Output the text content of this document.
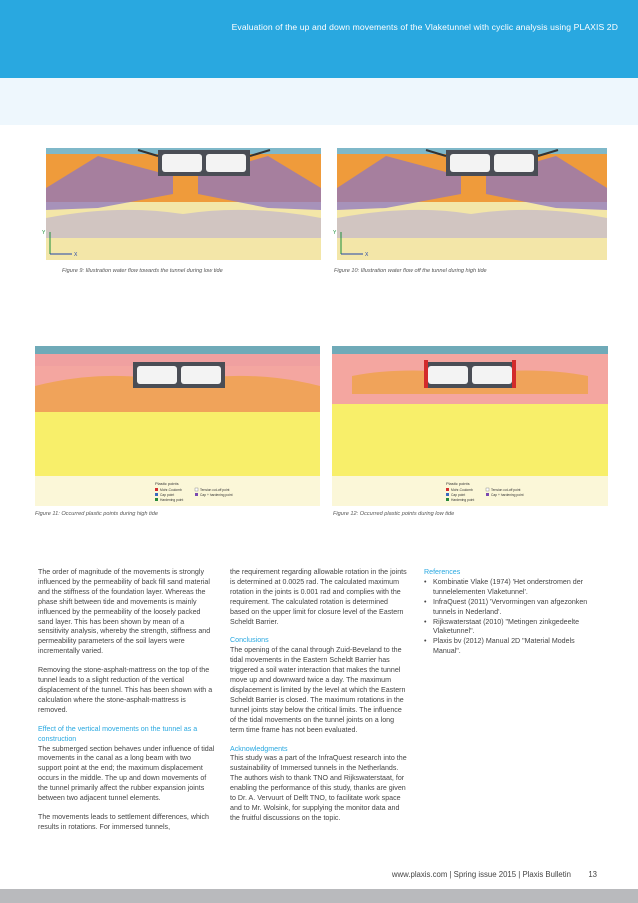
Evaluation of the up and down movements of the Vlaketunnel with cyclic analysis using PLAXIS 2D
Y
X
Figure 9: Illustration water flow towards the tunnel during low tide
Y
X
Figure 10: Illustration water flow off the tunnel during high tide
Plastic points
Mohr-Coulomb
Cap point
Hardening point
Tension cut-off point
Cap + hardening point
Figure 11: Occurred plastic points during high tide
Plastic points
Mohr-Coulomb
Cap point
Hardening point
Tension cut-off point
Cap + hardening point
Figure 12: Occurred plastic points during low tide

The order of magnitude of the movements is strongly influenced by the permeability of back fill sand material and the stiffness of the foundation layer. Whereas the phase shift between tide and movements is mainly influenced by the permeability of the loosely packed sand layer. This has been shown by mean of a sensitivity analysis, whereby the strength, stiffness and permeability parameters of the soil layers were incrementally varied.

Removing the stone-asphalt-mattress on the top of the tunnel leads to a slight reduction of the vertical displacement of the tunnel. This has been shown with a calculation where the stone-asphalt-mattress is removed.

Effect of the vertical movements on the tunnel as a construction

The submerged section behaves under influence of tidal movements in the canal as a long beam with two support point at the end; the maximum displacement occurs in the middle. The up and down movements of the tunnel primarily affect the rubber expansion joints between two adjacent tunnel elements.

The movements leads to settlement differences, which results in rotations. For immersed tunnels,

the requirement regarding allowable rotation in the joints is determined at 0.0025 rad. The calculated maximum rotation in the joints is 0.001 rad and complies with the requirement. The calculated rotation is determined based on the upper limit for closure level of the Eastern Scheldt Barrier.

Conclusions

The opening of the canal through Zuid-Beveland to the tidal movements in the Eastern Scheldt Barrier has triggered a soil water interaction that makes the tunnel move up and downward twice a day. The maximum displacement is limited by the level at which the Eastern Scheldt Barrier is closed. The maximum rotations in the tunnel joints stay below the critical limits. The influence of the tidal movements on the tunnel joints on a long term time frame has not been evaluated.

Acknowledgments

This study was a part of the InfraQuest research into the sustainability of Immersed tunnels in the Netherlands. The authors wish to thank TNO and Rijkswaterstaat, for enabling the performance of this study, thanks are given to Dr. A. Vervuurt of Delft TNO, to facilitate work space and to Mr. Wolsink, for supplying the monitor data and the fruitful discussions on the topic.

References
• Kombinatie Vlake (1974) 'Het onderstromen der tunnelelementen Vlaketunnel'.
• InfraQuest (2011) 'Vervormingen van afgezonken tunnels in Nederland'.
• Rijkswaterstaat (2010) "Metingen zinkgedeelte Vlaketunnel".
• Plaxis bv (2012) Manual 2D "Material Models Manual".
www.plaxis.com | Spring issue 2015 | Plaxis Bulletin 13
